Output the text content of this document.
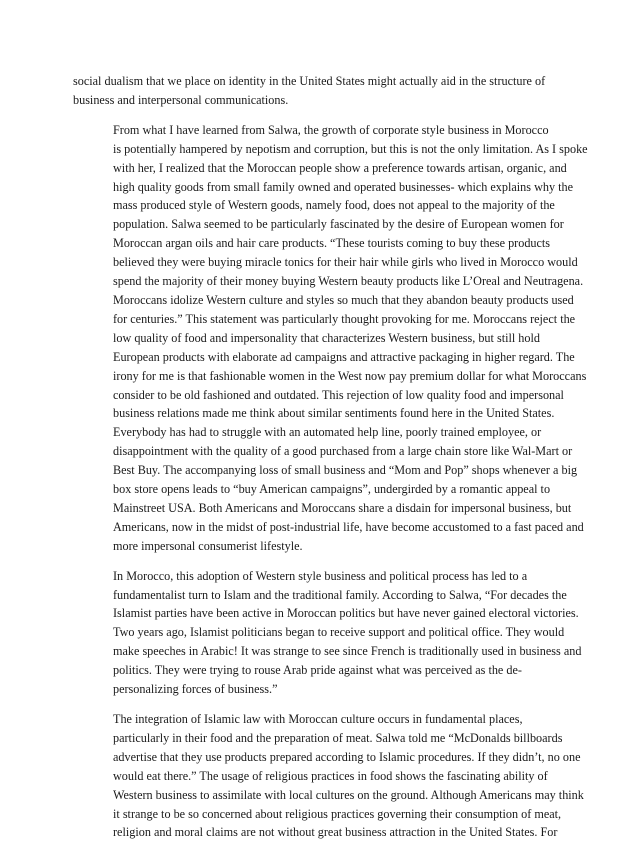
social dualism that we place on identity in the United States might actually aid in the structure of
business and interpersonal communications.

From what I have learned from Salwa, the growth of corporate style business in Morocco
is potentially hampered by nepotism and corruption, but this is not the only limitation. As I spoke
with her, I realized that the Moroccan people show a preference towards artisan, organic, and
high quality goods from small family owned and operated businesses- which explains why the
mass produced style of Western goods, namely food, does not appeal to the majority of the
population. Salwa seemed to be particularly fascinated by the desire of European women for
Moroccan argan oils and hair care products. “These tourists coming to buy these products
believed they were buying miracle tonics for their hair while girls who lived in Morocco would
spend the majority of their money buying Western beauty products like L’Oreal and Neutragena.
Moroccans idolize Western culture and styles so much that they abandon beauty products used
for centuries.” This statement was particularly thought provoking for me. Moroccans reject the
low quality of food and impersonality that characterizes Western business, but still hold
European products with elaborate ad campaigns and attractive packaging in higher regard. The
irony for me is that fashionable women in the West now pay premium dollar for what Moroccans
consider to be old fashioned and outdated. This rejection of low quality food and impersonal
business relations made me think about similar sentiments found here in the United States.
Everybody has had to struggle with an automated help line, poorly trained employee, or
disappointment with the quality of a good purchased from a large chain store like Wal-Mart or
Best Buy. The accompanying loss of small business and “Mom and Pop” shops whenever a big
box store opens leads to “buy American campaigns”, undergirded by a romantic appeal to
Mainstreet USA. Both Americans and Moroccans share a disdain for impersonal business, but
Americans, now in the midst of post-industrial life, have become accustomed to a fast paced and
more impersonal consumerist lifestyle.

In Morocco, this adoption of Western style business and political process has led to a
fundamentalist turn to Islam and the traditional family. According to Salwa, “For decades the
Islamist parties have been active in Moroccan politics but have never gained electoral victories.
Two years ago, Islamist politicians began to receive support and political office. They would
make speeches in Arabic! It was strange to see since French is traditionally used in business and
politics. They were trying to rouse Arab pride against what was perceived as the de-
personalizing forces of business.”

The integration of Islamic law with Moroccan culture occurs in fundamental places,
particularly in their food and the preparation of meat. Salwa told me “McDonalds billboards
advertise that they use products prepared according to Islamic procedures. If they didn’t, no one
would eat there.” The usage of religious practices in food shows the fascinating ability of
Western business to assimilate with local cultures on the ground. Although Americans may think
it strange to be so concerned about religious practices governing their consumption of meat,
religion and moral claims are not without great business attraction in the United States. For
